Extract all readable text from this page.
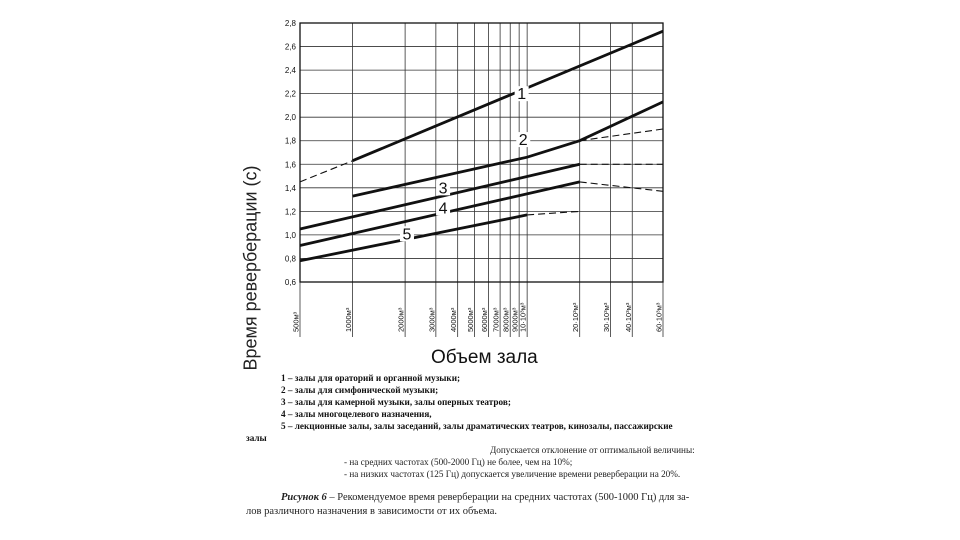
0,6
0,8
1,0
1,2
1,4
1,6
1,8
2,0
2,2
2,4
2,6
2,8
500м³	1000м³	2000м³	3000м³ 4000м³ 5000м³ 6000м³ 7000м³ 8000м³ 9000м³
10·10³м³	20·10³м³	30·10³м³ 40·10³м³	60·10³м³
1
2
3
4
5
Время реверберации (с)	Объем зала
1 – залы для ораторий и органной музыки;
2 – залы для симфонической музыки;
3 – залы для камерной музыки, залы оперных театров;
4 – залы многоцелевого назначения,
5 – лекционные залы, залы заседаний, залы драматических театров, кинозалы, пассажирские
залы
Допускается отклонение от оптимальной величины:
- на средних частотах (500-2000 Гц) не более, чем на 10%;
- на низких частотах (125 Гц) допускается увеличение времени реверберации на 20%.
Рисунок 6 – Рекомендуемое время реверберации на средних частотах (500-1000 Гц) для за-
лов различного назначения в зависимости от их объема.
